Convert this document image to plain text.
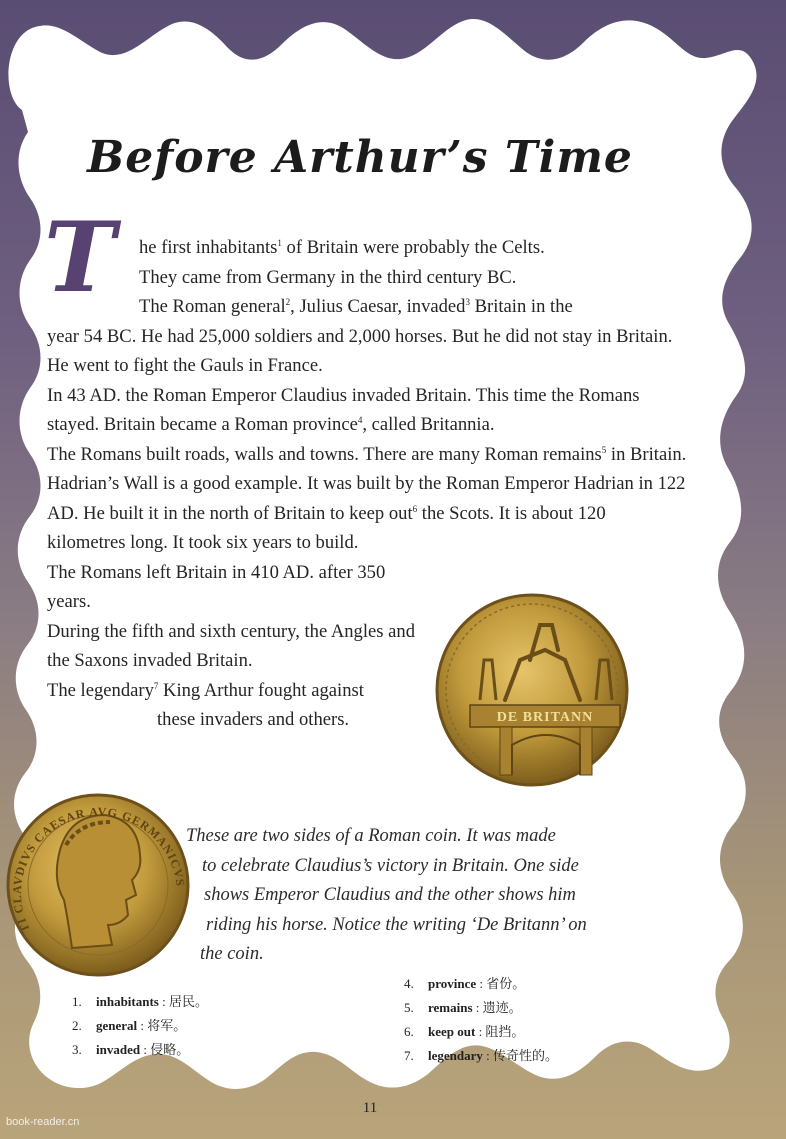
DE BRITANN
TI CLAVDIVS CAESAR AVG GERMANICVS
Before Arthur’s Time
T	he first inhabitants$^1$ of Britain were probably the Celts.

They came from Germany in the third century BC.

The Roman general$^2$, Julius Caesar, invaded$^3$ Britain in the

year 54 BC. He had 25,000 soldiers and 2,000 horses. But he did not stay in Britain. He went to fight the Gauls in France.

In 43 AD. the Roman Emperor Claudius invaded Britain. This time the Romans stayed. Britain became a Roman province$^4$, called Britannia.

The Romans built roads, walls and towns. There are many Roman remains$^5$ in Britain. Hadrian’s Wall is a good example. It was built by the Roman Emperor Hadrian in 122 AD. He built it in the north of Britain to keep out$^6$ the Scots. It is about 120 kilometres long. It took six years to build.

The Romans left Britain in 410 AD. after 350 years.

During the fifth and sixth century, the Angles and the Saxons invaded Britain.

The legendary$^7$ King Arthur fought against

these invaders and others.

These are two sides of a Roman coin. It was made
to celebrate Claudius’s victory in Britain. One side
shows Emperor Claudius and the other shows him
riding his horse. Notice the writing ‘De Britann’ on
the coin.
1. inhabitants : 居民。
2. general : 将军。
3. invaded : 侵略。
4. province : 省份。
5. remains : 遗迹。
6. keep out : 阻挡。
7. legendary : 传奇性的。
11
book-reader.cn
